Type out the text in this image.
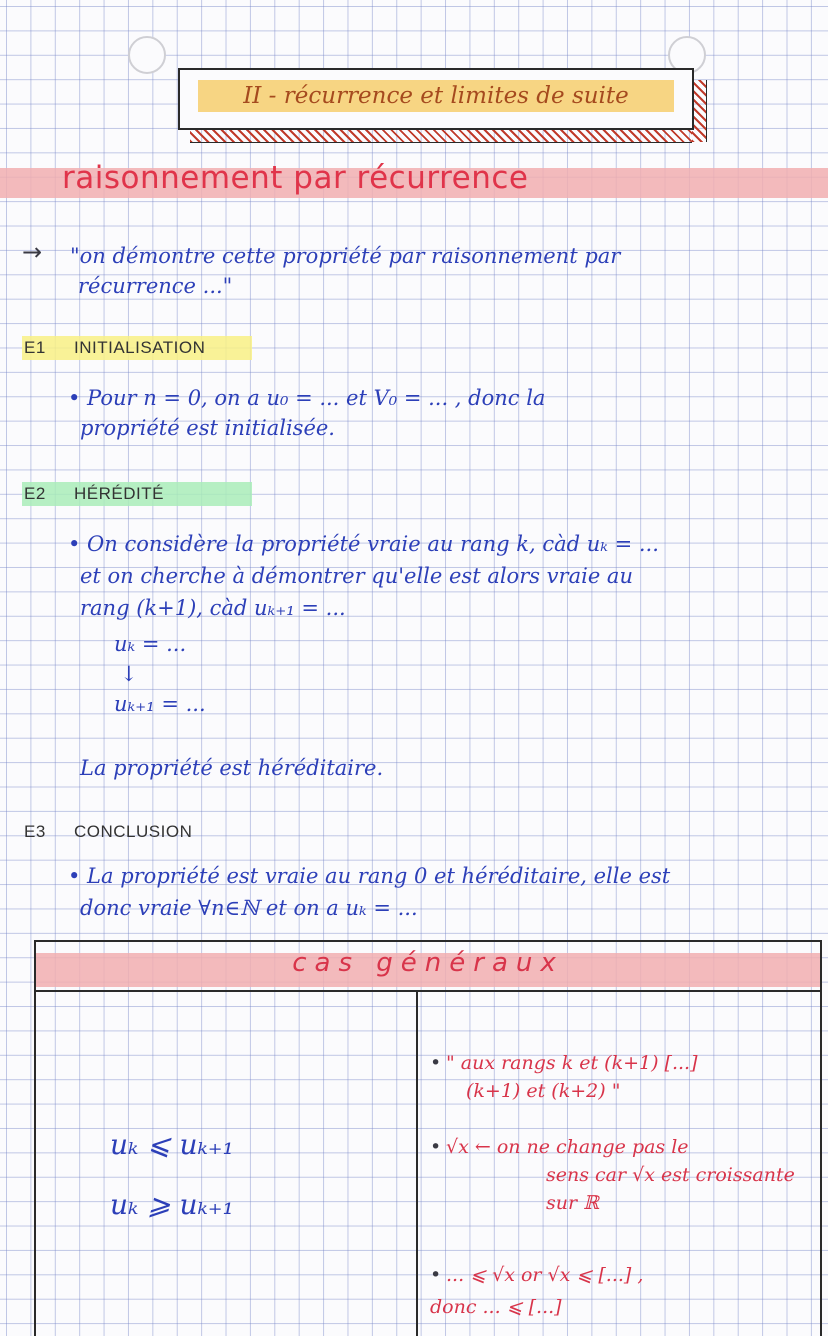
II - récurrence et limites de suite
raisonnement par récurrence
→ "on démontre cette propriété par raisonnement par
récurrence ..."
E1 INITIALISATION
• Pour n = 0, on a u₀ = ... et V₀ = ... , donc la
propriété est initialisée.
E2 HÉRÉDITÉ
• On considère la propriété vraie au rang k, càd uₖ = ...
et on cherche à démontrer qu'elle est alors vraie au
rang (k+1), càd uₖ₊₁ = ...
uₖ = ...
↓
uₖ₊₁ = ...
La propriété est héréditaire.
E3 CONCLUSION
• La propriété est vraie au rang 0 et héréditaire, elle est
donc vraie ∀n∈ℕ et on a uₖ = ...
cas généraux
uₖ ⩽ uₖ₊₁
uₖ ⩾ uₖ₊₁
• " aux rangs k et (k+1) [...]
(k+1) et (k+2) "
• √x ← on ne change pas le
sens car √x est croissante
sur ℝ
• ... ⩽ √x or √x ⩽ [...] ,
donc ... ⩽ [...]
